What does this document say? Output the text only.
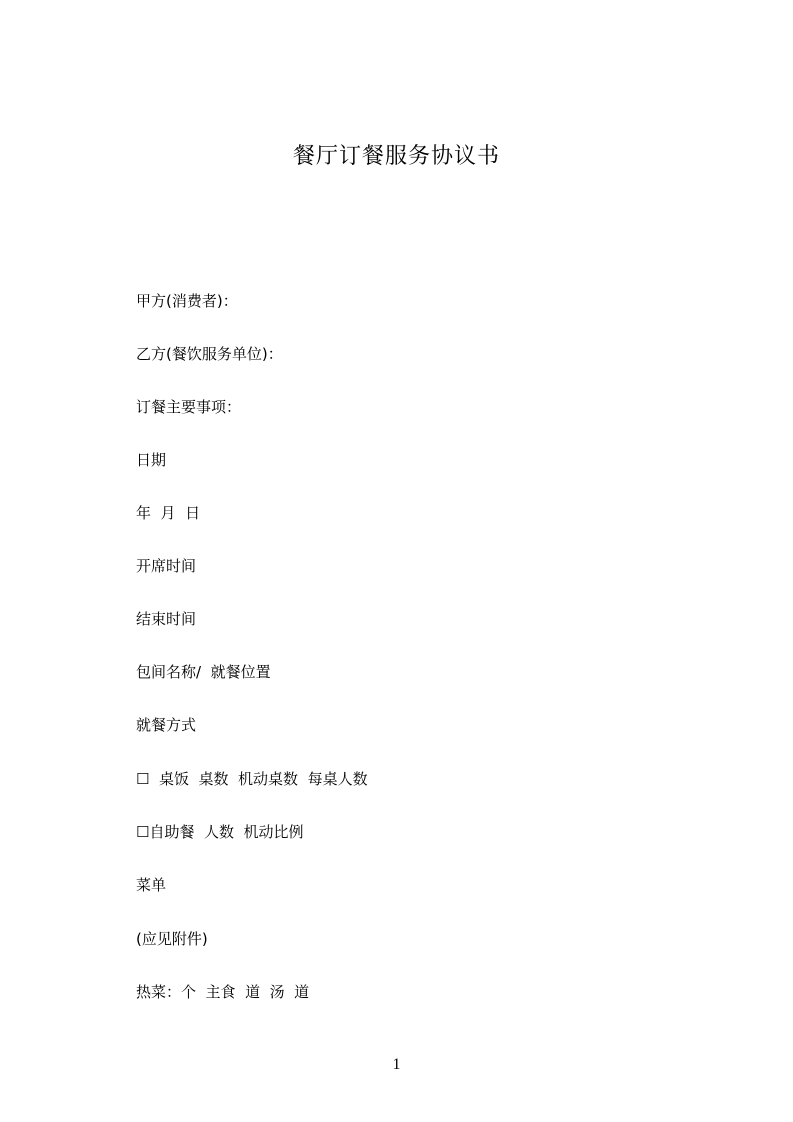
餐厅订餐服务协议书

甲方(消费者)：

乙方(餐饮服务单位)：

订餐主要事项：

日期

年  月  日

开席时间

结束时间

包间名称/  就餐位置

就餐方式

☐  桌饭  桌数  机动桌数  每桌人数

☐自助餐  人数  机动比例

菜单

(应见附件)

热菜：个  主食  道  汤  道

1
